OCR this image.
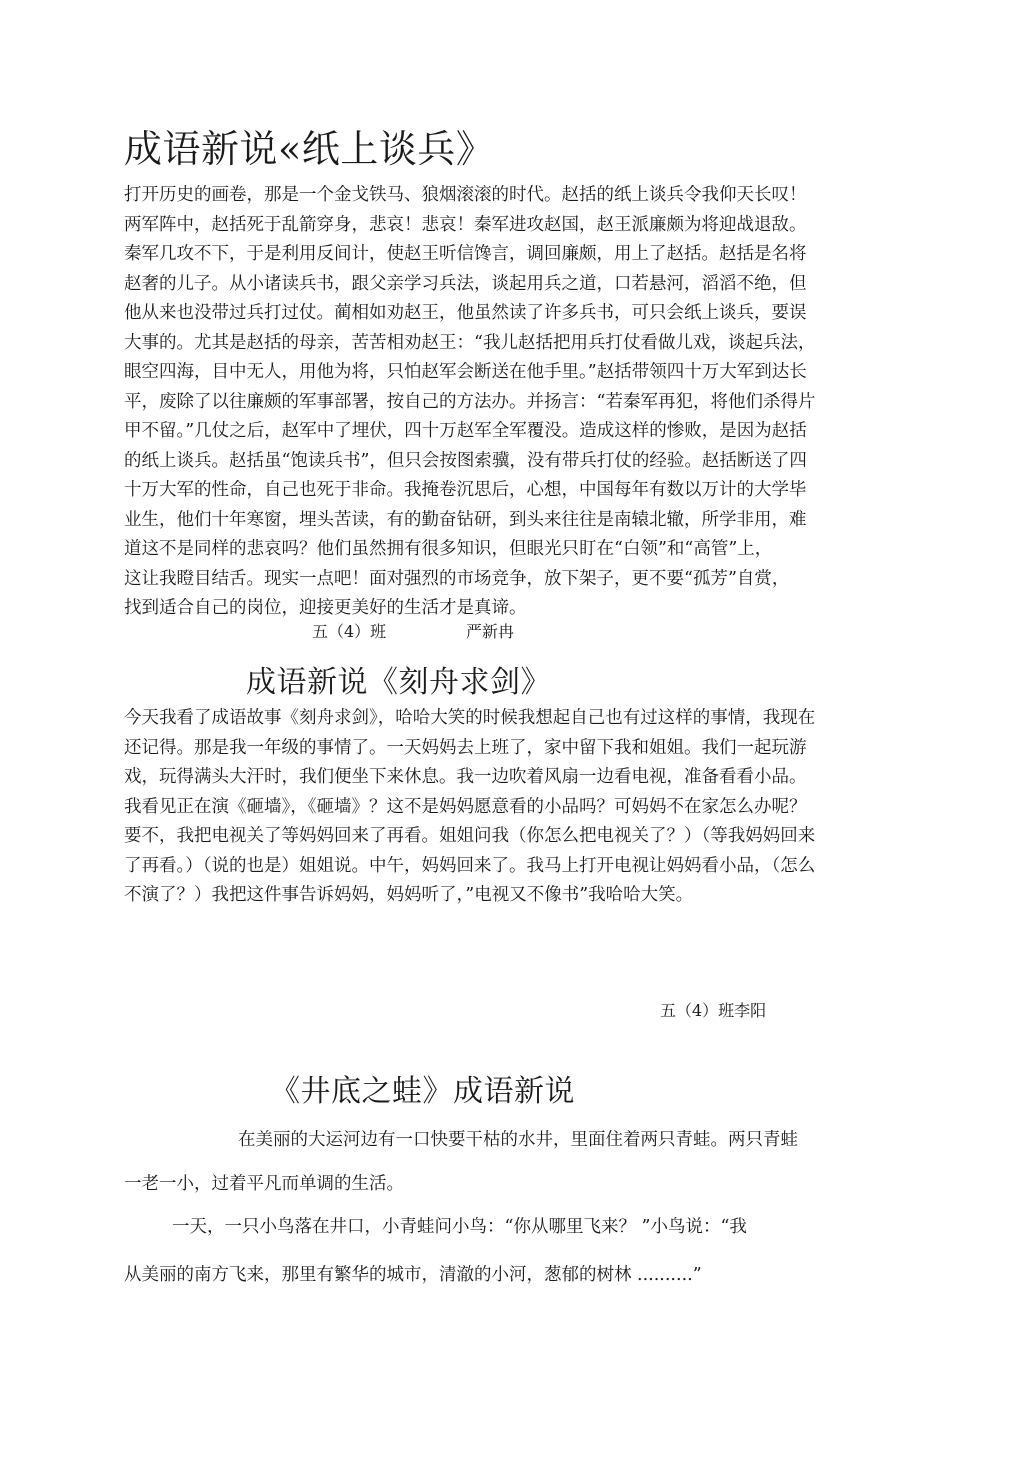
成语新说«纸上谈兵》

打开历史的画卷，那是一个金戈铁马、狼烟滚滚的时代。赵括的纸上谈兵令我仰天长叹！
两军阵中，赵括死于乱箭穿身，悲哀！悲哀！秦军进攻赵国，赵王派廉颇为将迎战退敌。
秦军几攻不下，于是利用反间计，使赵王听信馋言，调回廉颇，用上了赵括。赵括是名将
赵奢的儿子。从小诸读兵书，跟父亲学习兵法，谈起用兵之道，口若悬河，滔滔不绝，但
他从来也没带过兵打过仗。蔺相如劝赵王，他虽然读了许多兵书，可只会纸上谈兵，要误
大事的。尤其是赵括的母亲，苦苦相劝赵王：“我儿赵括把用兵打仗看做儿戏，谈起兵法，
眼空四海，目中无人，用他为将，只怕赵军会断送在他手里。”赵括带领四十万大军到达长
平，废除了以往廉颇的军事部署，按自己的方法办。并扬言：“若秦军再犯，将他们杀得片
甲不留。”几仗之后，赵军中了埋伏，四十万赵军全军覆没。造成这样的惨败，是因为赵括
的纸上谈兵。赵括虽“饱读兵书”，但只会按图索骥，没有带兵打仗的经验。赵括断送了四
十万大军的性命，自己也死于非命。我掩卷沉思后，心想，中国每年有数以万计的大学毕
业生，他们十年寒窗，埋头苦读，有的勤奋钻研，到头来往往是南辕北辙，所学非用，难
道这不是同样的悲哀吗？他们虽然拥有很多知识，但眼光只盯在“白领”和“高管”上，
这让我瞪目结舌。现实一点吧！面对强烈的市场竞争，放下架子，更不要“孤芳”自赏，
找到适合自己的岗位，迎接更美好的生活才是真谛。

五（4）班	严新冉
成语新说《刻舟求剑》

今天我看了成语故事《刻舟求剑》，哈哈大笑的时候我想起自己也有过这样的事情，我现在
还记得。那是我一年级的事情了。一天妈妈去上班了，家中留下我和姐姐。我们一起玩游
戏，玩得满头大汗时，我们便坐下来休息。我一边吹着风扇一边看电视，准备看看小品。
我看见正在演《砸墙》，《砸墙》？这不是妈妈愿意看的小品吗？可妈妈不在家怎么办呢？
要不，我把电视关了等妈妈回来了再看。姐姐问我（你怎么把电视关了？）（等我妈妈回来
了再看。）（说的也是）姐姐说。中午，妈妈回来了。我马上打开电视让妈妈看小品，（怎么
不演了？）我把这件事告诉妈妈，妈妈听了，”电视又不像书”我哈哈大笑。

五（4）班李阳
《井底之蛙》成语新说

在美丽的大运河边有一口快要干枯的水井，里面住着两只青蛙。两只青蛙

一老一小，过着平凡而单调的生活。

一天，一只小鸟落在井口，小青蛙问小鸟：“你从哪里飞来？ ”小鸟说：“我

从美丽的南方飞来，那里有繁华的城市，清澈的小河，葱郁的树林 ..........”
